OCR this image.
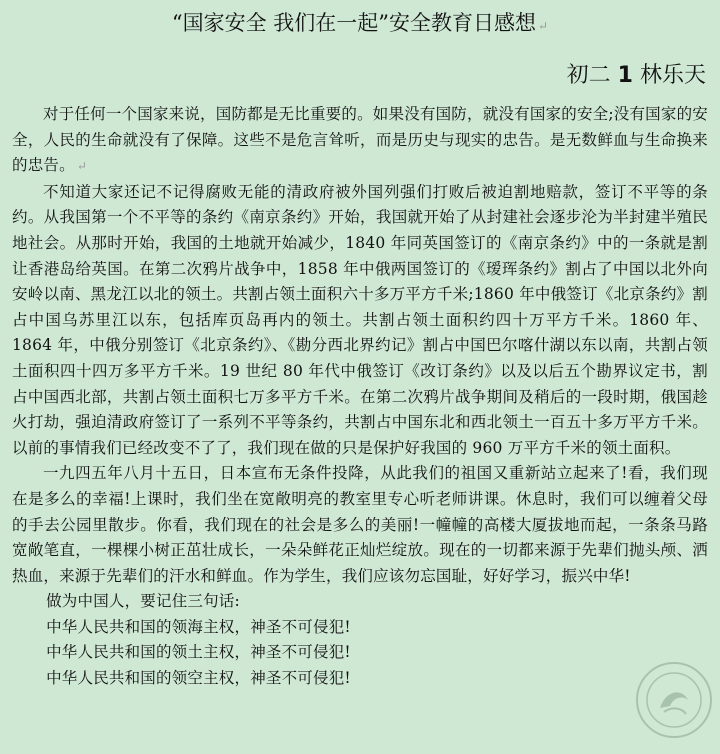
“国家安全 我们在一起”安全教育日感想 ↵
初二 1 林乐天

对于任何一个国家来说，国防都是无比重要的。如果没有国防，就没有国家的安全;没有国家的安全，人民的生命就没有了保障。这些不是危言耸听，而是历史与现实的忠告。是无数鲜血与生命换来的忠告。 ↵

不知道大家还记不记得腐败无能的清政府被外国列强们打败后被迫割地赔款，签订不平等的条约。从我国第一个不平等的条约《南京条约》开始，我国就开始了从封建社会逐步沦为半封建半殖民地社会。从那时开始，我国的土地就开始减少，1840 年同英国签订的《南京条约》中的一条就是割让香港岛给英国。在第二次鸦片战争中，1858 年中俄两国签订的《瑷珲条约》割占了中国以北外向安岭以南、黑龙江以北的领土。共割占领土面积六十多万平方千米;1860 年中俄签订《北京条约》割占中国乌苏里江以东，包括库页岛再内的领土。共割占领土面积约四十万平方千米。1860 年、1864 年，中俄分别签订《北京条约》、《勘分西北界约记》割占中国巴尔喀什湖以东以南，共割占领土面积四十四万多平方千米。19 世纪 80 年代中俄签订《改订条约》以及以后五个勘界议定书，割占中国西北部，共割占领土面积七万多平方千米。在第二次鸦片战争期间及稍后的一段时期，俄国趁火打劫，强迫清政府签订了一系列不平等条约，共割占中国东北和西北领土一百五十多万平方千米。以前的事情我们已经改变不了了，我们现在做的只是保护好我国的 960 万平方千米的领土面积。

一九四五年八月十五日，日本宣布无条件投降，从此我们的祖国又重新站立起来了!看，我们现在是多么的幸福!上课时，我们坐在宽敞明亮的教室里专心听老师讲课。休息时，我们可以缠着父母的手去公园里散步。你看，我们现在的社会是多么的美丽!一幢幢的高楼大厦拔地而起，一条条马路宽敞笔直，一棵棵小树正茁壮成长，一朵朵鲜花正灿烂绽放。现在的一切都来源于先辈们抛头颅、洒热血，来源于先辈们的汗水和鲜血。作为学生，我们应该勿忘国耻，好好学习，振兴中华!

做为中国人，要记住三句话:

中华人民共和国的领海主权，神圣不可侵犯!

中华人民共和国的领土主权，神圣不可侵犯!

中华人民共和国的领空主权，神圣不可侵犯!
